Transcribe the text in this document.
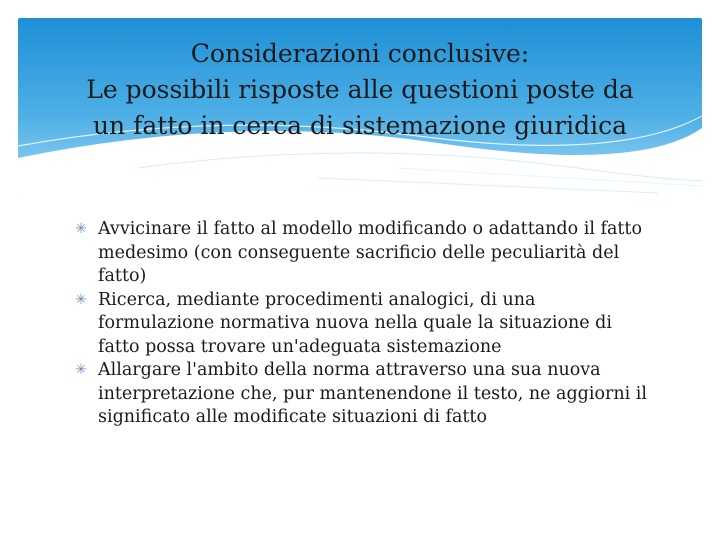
Considerazioni conclusive:
Le possibili risposte alle questioni poste da
un fatto in cerca di sistemazione giuridica
✳ Avvicinare il fatto al modello modificando o adattando il fatto medesimo (con conseguente sacrificio delle peculiarità del fatto)
✳ Ricerca, mediante procedimenti analogici, di una formulazione normativa nuova nella quale la situazione di fatto possa trovare un'adeguata sistemazione
✳ Allargare l'ambito della norma attraverso una sua nuova interpretazione che, pur mantenendone il testo, ne aggiorni il significato alle modificate situazioni di fatto
